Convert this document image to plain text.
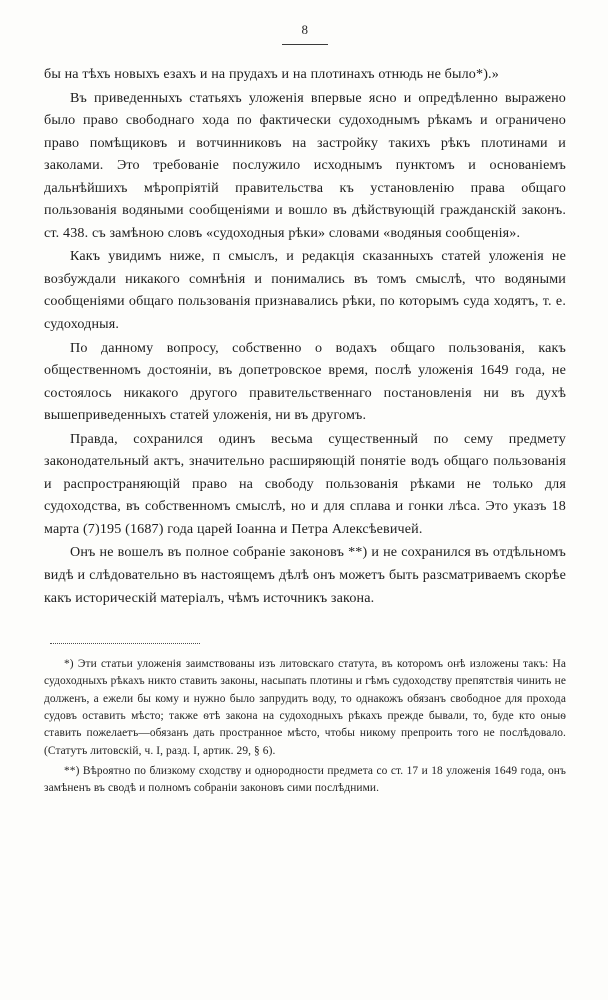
8

бы на тѣхъ новыхъ езахъ и на прудахъ и на плотинахъ отнюдь не было*).»

Въ приведенныхъ статьяхъ уложенія впервые ясно и опредѣленно выражено было право свободнаго хода по фактически судоходнымъ рѣкамъ и ограничено право помѣщиковъ и вотчинниковъ на застройку такихъ рѣкъ плотинами и заколами. Это требованіе послужило исходнымъ пунктомъ и основаніемъ дальнѣйшихъ мѣропріятій правительства къ установленію права общаго пользованія водяными сообщеніями и вошло въ дѣйствующій гражданскій законъ. ст. 438. съ замѣною словъ «судоходныя рѣки» словами «водяныя сообщенія».

Какъ увидимъ ниже, п смыслъ, и редакція сказанныхъ статей уложенія не возбуждали никакого сомнѣнія и понимались въ томъ смыслѣ, что водяными сообщеніями общаго пользованія признавались рѣки, по которымъ суда ходятъ, т. е. судоходныя.

По данному вопросу, собственно о водахъ общаго пользованія, какъ общественномъ достояніи, въ допетровское время, послѣ уложенія 1649 года, не состоялось никакого другого правительственнаго постановленія ни въ духѣ вышеприведенныхъ статей уложенія, ни въ другомъ.

Правда, сохранился одинъ весьма существенный по сему предмету законодательный актъ, значительно расширяющій понятіе водъ общаго пользованія и распространяющій право на свободу пользованія рѣками не только для судоходства, въ собственномъ смыслѣ, но и для сплава и гонки лѣса. Это указъ 18 марта (7)195 (1687) года царей Іоанна и Петра Алексѣевичей.

Онъ не вошелъ въ полное собраніе законовъ **) и не сохранился въ отдѣльномъ видѣ и слѣдовательно въ настоящемъ дѣлѣ онъ можетъ быть разсматриваемъ скорѣе какъ историческій матеріалъ, чѣмъ источникъ закона.

*) Эти статьи уложенія заимствованы изъ литовскаго статута, въ которомъ онѣ изложены такъ: На судоходныхъ рѣкахъ никто ставить законы, насыпать плотины и гѣмъ судоходству препятствія чинить не долженъ, а ежели бы кому и нужно было запрудить воду, то однакожъ обязанъ свободное для прохода судовъ оставить мѣсто; также ѳтѣ закона на судоходныхъ рѣкахъ прежде бывали, то, буде кто оныѳ ставить пожелаетъ—обязанъ дать пространное мѣсто, чтобы никому препроить того не послѣдовало. (Статутъ литовскій, ч. I, разд. I, артик. 29, § 6).

**) Вѣроятно по близкому сходству и однородности предмета со ст. 17 и 18 уложенія 1649 года, онъ замѣненъ въ сводѣ и полномъ собраніи законовъ сими послѣдними.
